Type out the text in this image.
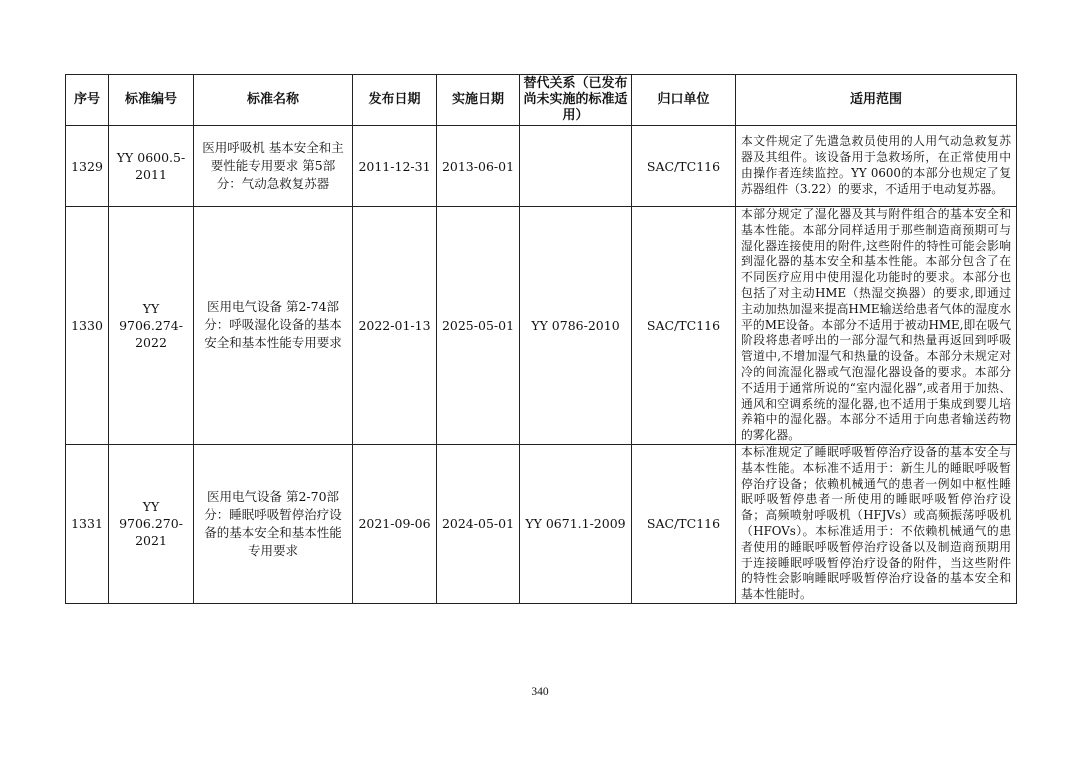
序号	标准编号	标准名称	发布日期	实施日期	替代关系（已发布尚未实施的标准适用）	归口单位	适用范围
1329	YY 0600.5-2011	医用呼吸机 基本安全和主要性能专用要求 第5部分：气动急救复苏器	2011-12-31	2013-06-01		SAC/TC116	本文件规定了先遣急救员使用的人用气动急救复苏器及其组件。该设备用于急救场所，在正常使用中由操作者连续监控。YY 0600的本部分也规定了复苏器组件（3.22）的要求，不适用于电动复苏器。
1330	YY 9706.274-2022	医用电气设备 第2-74部分：呼吸湿化设备的基本安全和基本性能专用要求	2022-01-13	2025-05-01	YY 0786-2010	SAC/TC116	本部分规定了湿化器及其与附件组合的基本安全和基本性能。本部分同样适用于那些制造商预期可与湿化器连接使用的附件,这些附件的特性可能会影响到湿化器的基本安全和基本性能。本部分包含了在不同医疗应用中使用湿化功能时的要求。本部分也包括了对主动HME（热湿交换器）的要求,即通过主动加热加湿来提高HME输送给患者气体的湿度水平的ME设备。本部分不适用于被动HME,即在吸气阶段将患者呼出的一部分湿气和热量再返回到呼吸管道中,不增加湿气和热量的设备。本部分未规定对冷的间流湿化器或气泡湿化器设备的要求。本部分不适用于通常所说的“室内湿化器”,或者用于加热、通风和空调系统的湿化器,也不适用于集成到婴儿培养箱中的湿化器。本部分不适用于向患者输送药物的雾化器。
1331	YY 9706.270-2021	医用电气设备 第2-70部分：睡眠呼吸暂停治疗设备的基本安全和基本性能专用要求	2021-09-06	2024-05-01	YY 0671.1-2009	SAC/TC116	本标准规定了睡眠呼吸暂停治疗设备的基本安全与基本性能。本标准不适用于：新生儿的睡眠呼吸暂停治疗设备；依赖机械通气的患者一例如中枢性睡眠呼吸暂停患者一所使用的睡眠呼吸暂停治疗设备；高频喷射呼吸机（HFJVs）或高频振荡呼吸机（HFOVs）。本标准适用于：不依赖机械通气的患者使用的睡眠呼吸暂停治疗设备以及制造商预期用于连接睡眠呼吸暂停治疗设备的附件，当这些附件的特性会影响睡眠呼吸暂停治疗设备的基本安全和基本性能时。
340
